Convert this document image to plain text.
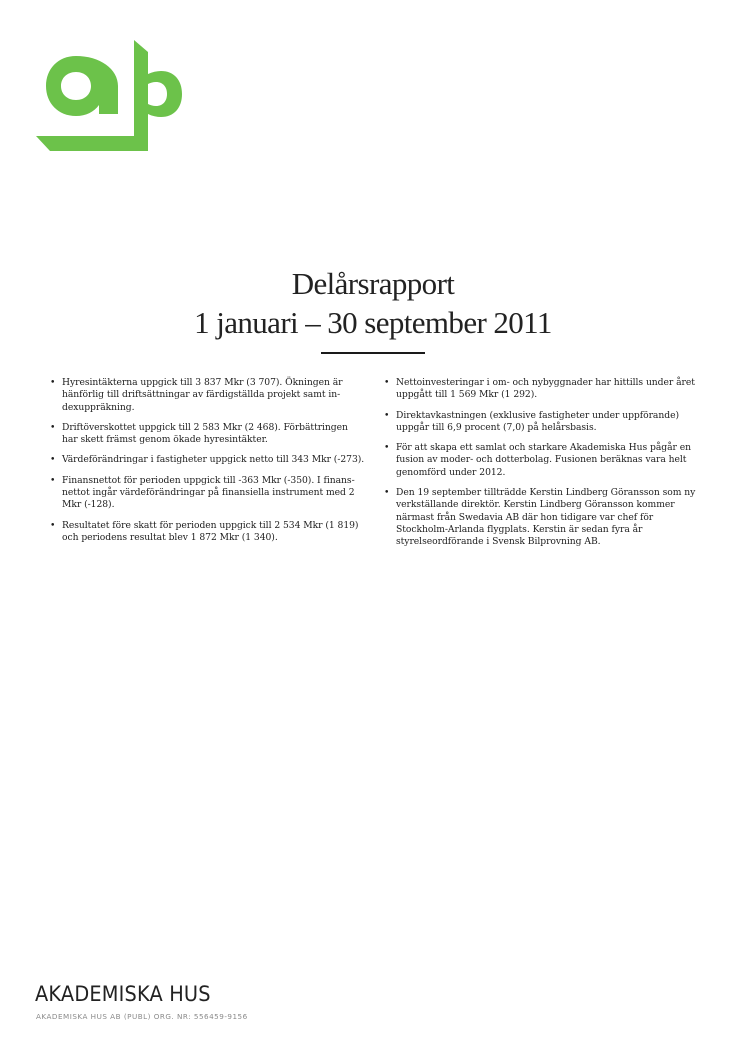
Delårsrapport
1 januari – 30 september 2011
• Hyresintäkterna uppgick till 3 837 Mkr (3 707). Ökningen är hänförlig till driftsättningar av färdigställda projekt samt in-dexuppräkning.
• Driftöverskottet uppgick till 2 583 Mkr (2 468). Förbättringen har skett främst genom ökade hyresintäkter.
• Värdeförändringar i fastigheter uppgick netto till 343 Mkr (-273).
• Finansnettot för perioden uppgick till -363 Mkr (-350). I finans-nettot ingår värdeförändringar på finansiella instrument med 2 Mkr (-128).
• Resultatet före skatt för perioden uppgick till 2 534 Mkr (1 819) och periodens resultat blev 1 872 Mkr (1 340).
• Nettoinvesteringar i om- och nybyggnader har hittills under året uppgått till 1 569 Mkr (1 292).
• Direktavkastningen (exklusive fastigheter under uppförande) uppgår till 6,9 procent (7,0) på helårsbasis.
• För att skapa ett samlat och starkare Akademiska Hus pågår en fusion av moder- och dotterbolag. Fusionen beräknas vara helt genomförd under 2012.
• Den 19 september tillträdde Kerstin Lindberg Göransson som ny verkställande direktör. Kerstin Lindberg Göransson kommer närmast från Swedavia AB där hon tidigare var chef för Stockholm-Arlanda flygplats. Kerstin är sedan fyra år styrelseordförande i Svensk Bilprovning AB.
AKADEMISKA HUS
AKADEMISKA HUS AB (PUBL) ORG. NR: 556459-9156
